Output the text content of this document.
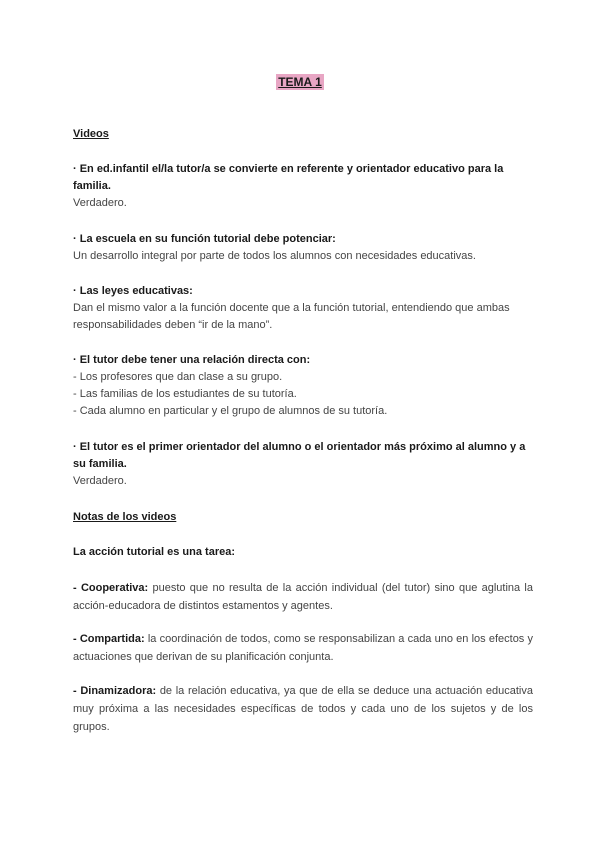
TEMA 1
Videos
· En ed.infantil el/la tutor/a se convierte en referente y orientador educativo para la familia.
Verdadero.
· La escuela en su función tutorial debe potenciar:
Un desarrollo integral por parte de todos los alumnos con necesidades educativas.
· Las leyes educativas:
Dan el mismo valor a la función docente que a la función tutorial, entendiendo que ambas responsabilidades deben “ir de la mano”.
· El tutor debe tener una relación directa con:
- Los profesores que dan clase a su grupo.
- Las familias de los estudiantes de su tutoría.
- Cada alumno en particular y el grupo de alumnos de su tutoría.
· El tutor es el primer orientador del alumno o el orientador más próximo al alumno y a su familia.
Verdadero.
Notas de los videos
La acción tutorial es una tarea:
- Cooperativa: puesto que no resulta de la acción individual (del tutor) sino que aglutina la acción-educadora de distintos estamentos y agentes.
- Compartida: la coordinación de todos, como se responsabilizan a cada uno en los efectos y actuaciones que derivan de su planificación conjunta.
- Dinamizadora: de la relación educativa, ya que de ella se deduce una actuación educativa muy próxima a las necesidades específicas de todos y cada uno de los sujetos y de los grupos.
